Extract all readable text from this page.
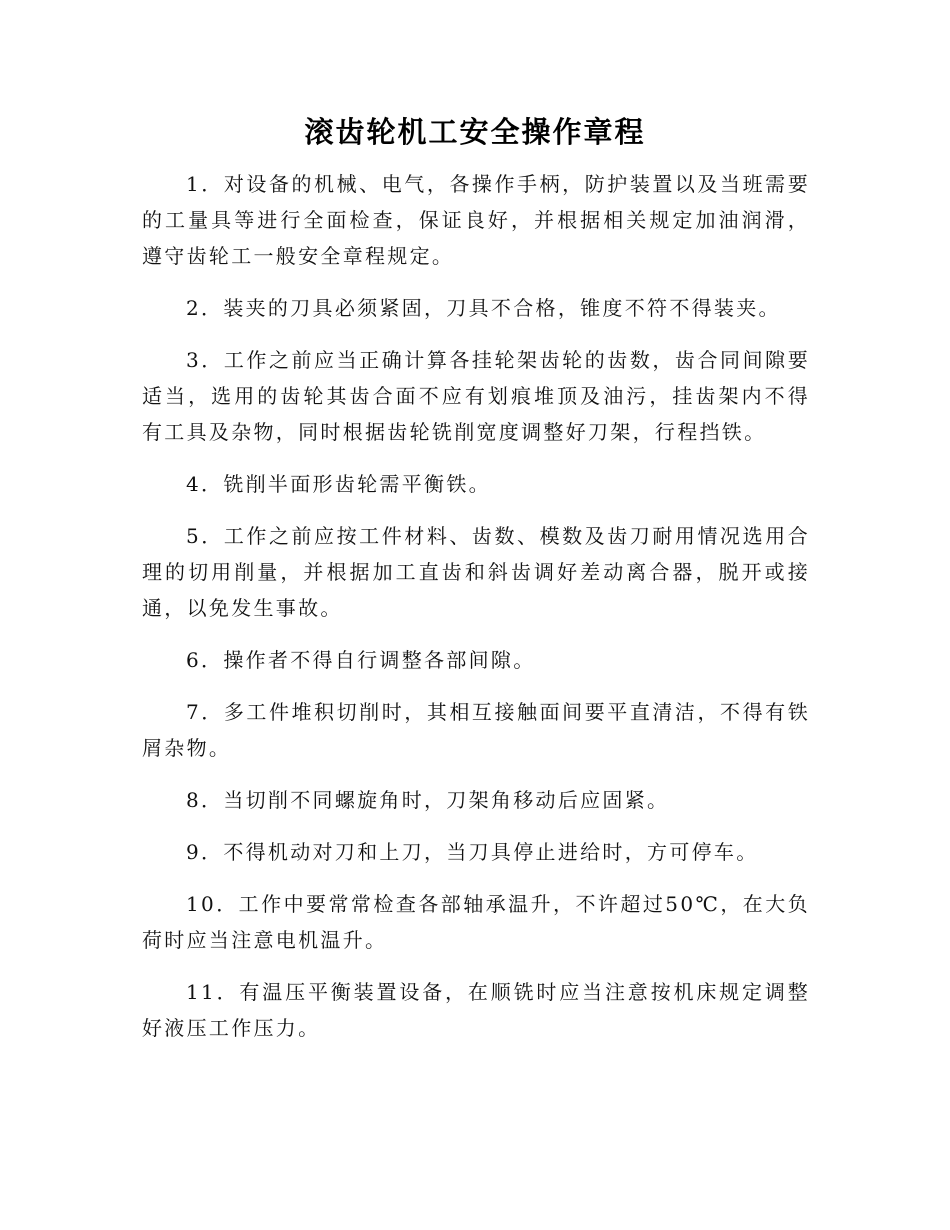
滚齿轮机工安全操作章程

1．对设备的机械、电气，各操作手柄，防护装置以及当班需要的工量具等进行全面检查，保证良好，并根据相关规定加油润滑，遵守齿轮工一般安全章程规定。

2．装夹的刀具必须紧固，刀具不合格，锥度不符不得装夹。

3．工作之前应当正确计算各挂轮架齿轮的齿数，齿合同间隙要适当，选用的齿轮其齿合面不应有划痕堆顶及油污，挂齿架内不得有工具及杂物，同时根据齿轮铣削宽度调整好刀架，行程挡铁。

4．铣削半面形齿轮需平衡铁。

5．工作之前应按工件材料、齿数、模数及齿刀耐用情况选用合理的切用削量，并根据加工直齿和斜齿调好差动离合器，脱开或接通，以免发生事故。

6．操作者不得自行调整各部间隙。

7．多工件堆积切削时，其相互接触面间要平直清洁，不得有铁屑杂物。

8．当切削不同螺旋角时，刀架角移动后应固紧。

9．不得机动对刀和上刀，当刀具停止进给时，方可停车。

10．工作中要常常检查各部轴承温升，不许超过50℃，在大负荷时应当注意电机温升。

11．有温压平衡装置设备，在顺铣时应当注意按机床规定调整好液压工作压力。
